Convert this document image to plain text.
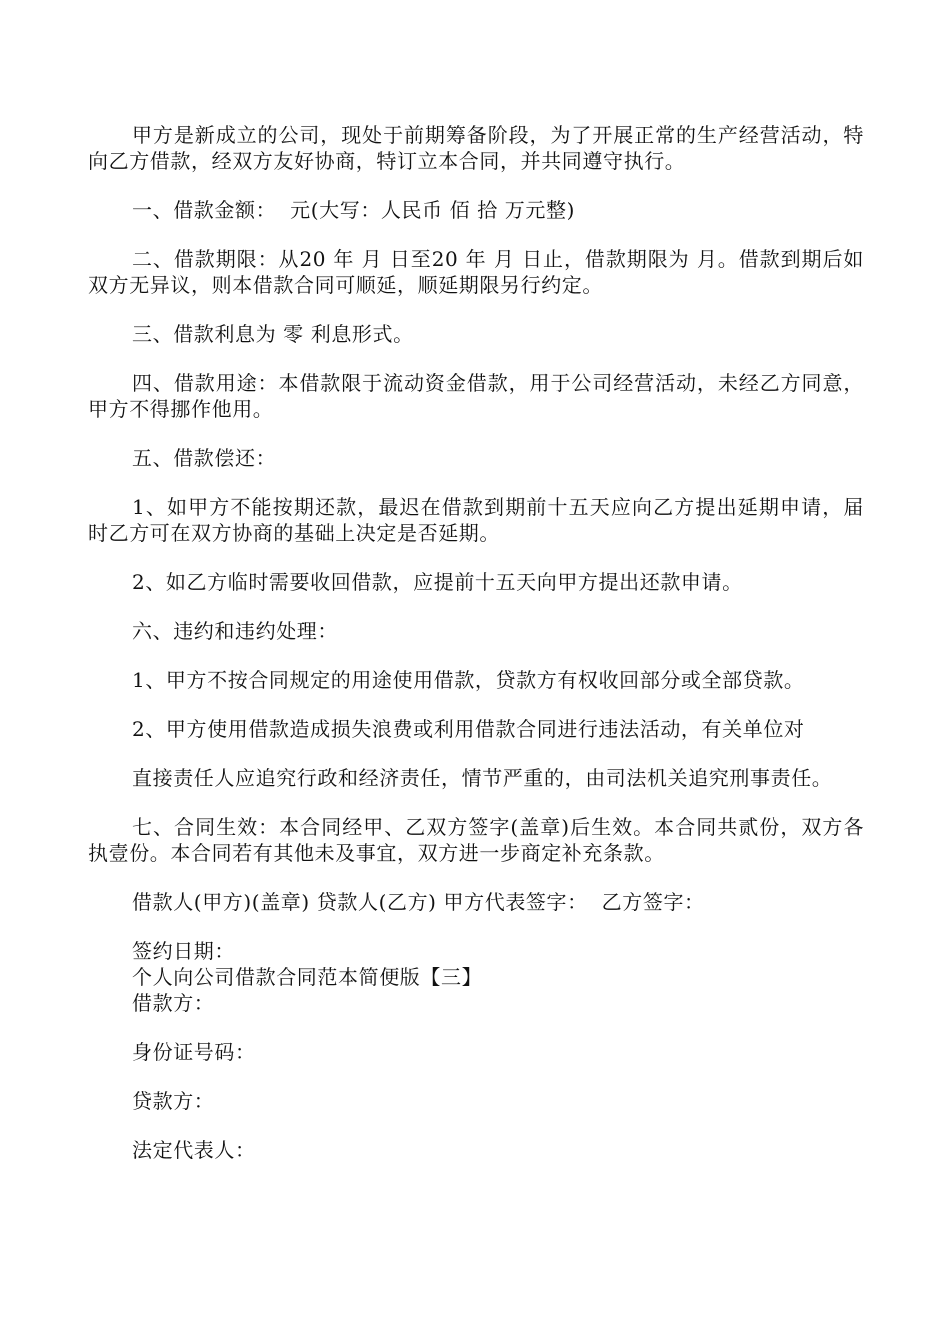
甲方是新成立的公司，现处于前期筹备阶段，为了开展正常的生产经营活动，特向乙方借款，经双方友好协商，特订立本合同，并共同遵守执行。

一、借款金额：  元(大写：人民币 佰 拾 万元整)

二、借款期限：从20 年 月 日至20 年 月 日止，借款期限为 月。借款到期后如双方无异议，则本借款合同可顺延，顺延期限另行约定。

三、借款利息为 零 利息形式。

四、借款用途：本借款限于流动资金借款，用于公司经营活动，未经乙方同意，甲方不得挪作他用。

五、借款偿还：

1、如甲方不能按期还款，最迟在借款到期前十五天应向乙方提出延期申请，届时乙方可在双方协商的基础上决定是否延期。

2、如乙方临时需要收回借款，应提前十五天向甲方提出还款申请。

六、违约和违约处理：

1、甲方不按合同规定的用途使用借款，贷款方有权收回部分或全部贷款。

2、甲方使用借款造成损失浪费或利用借款合同进行违法活动，有关单位对

直接责任人应追究行政和经济责任，情节严重的，由司法机关追究刑事责任。

七、合同生效：本合同经甲、乙双方签字(盖章)后生效。本合同共贰份，双方各执壹份。本合同若有其他未及事宜，双方进一步商定补充条款。

借款人(甲方)(盖章) 贷款人(乙方) 甲方代表签字：  乙方签字：

签约日期：

个人向公司借款合同范本简便版【三】

借款方：

身份证号码：

贷款方：

法定代表人：
